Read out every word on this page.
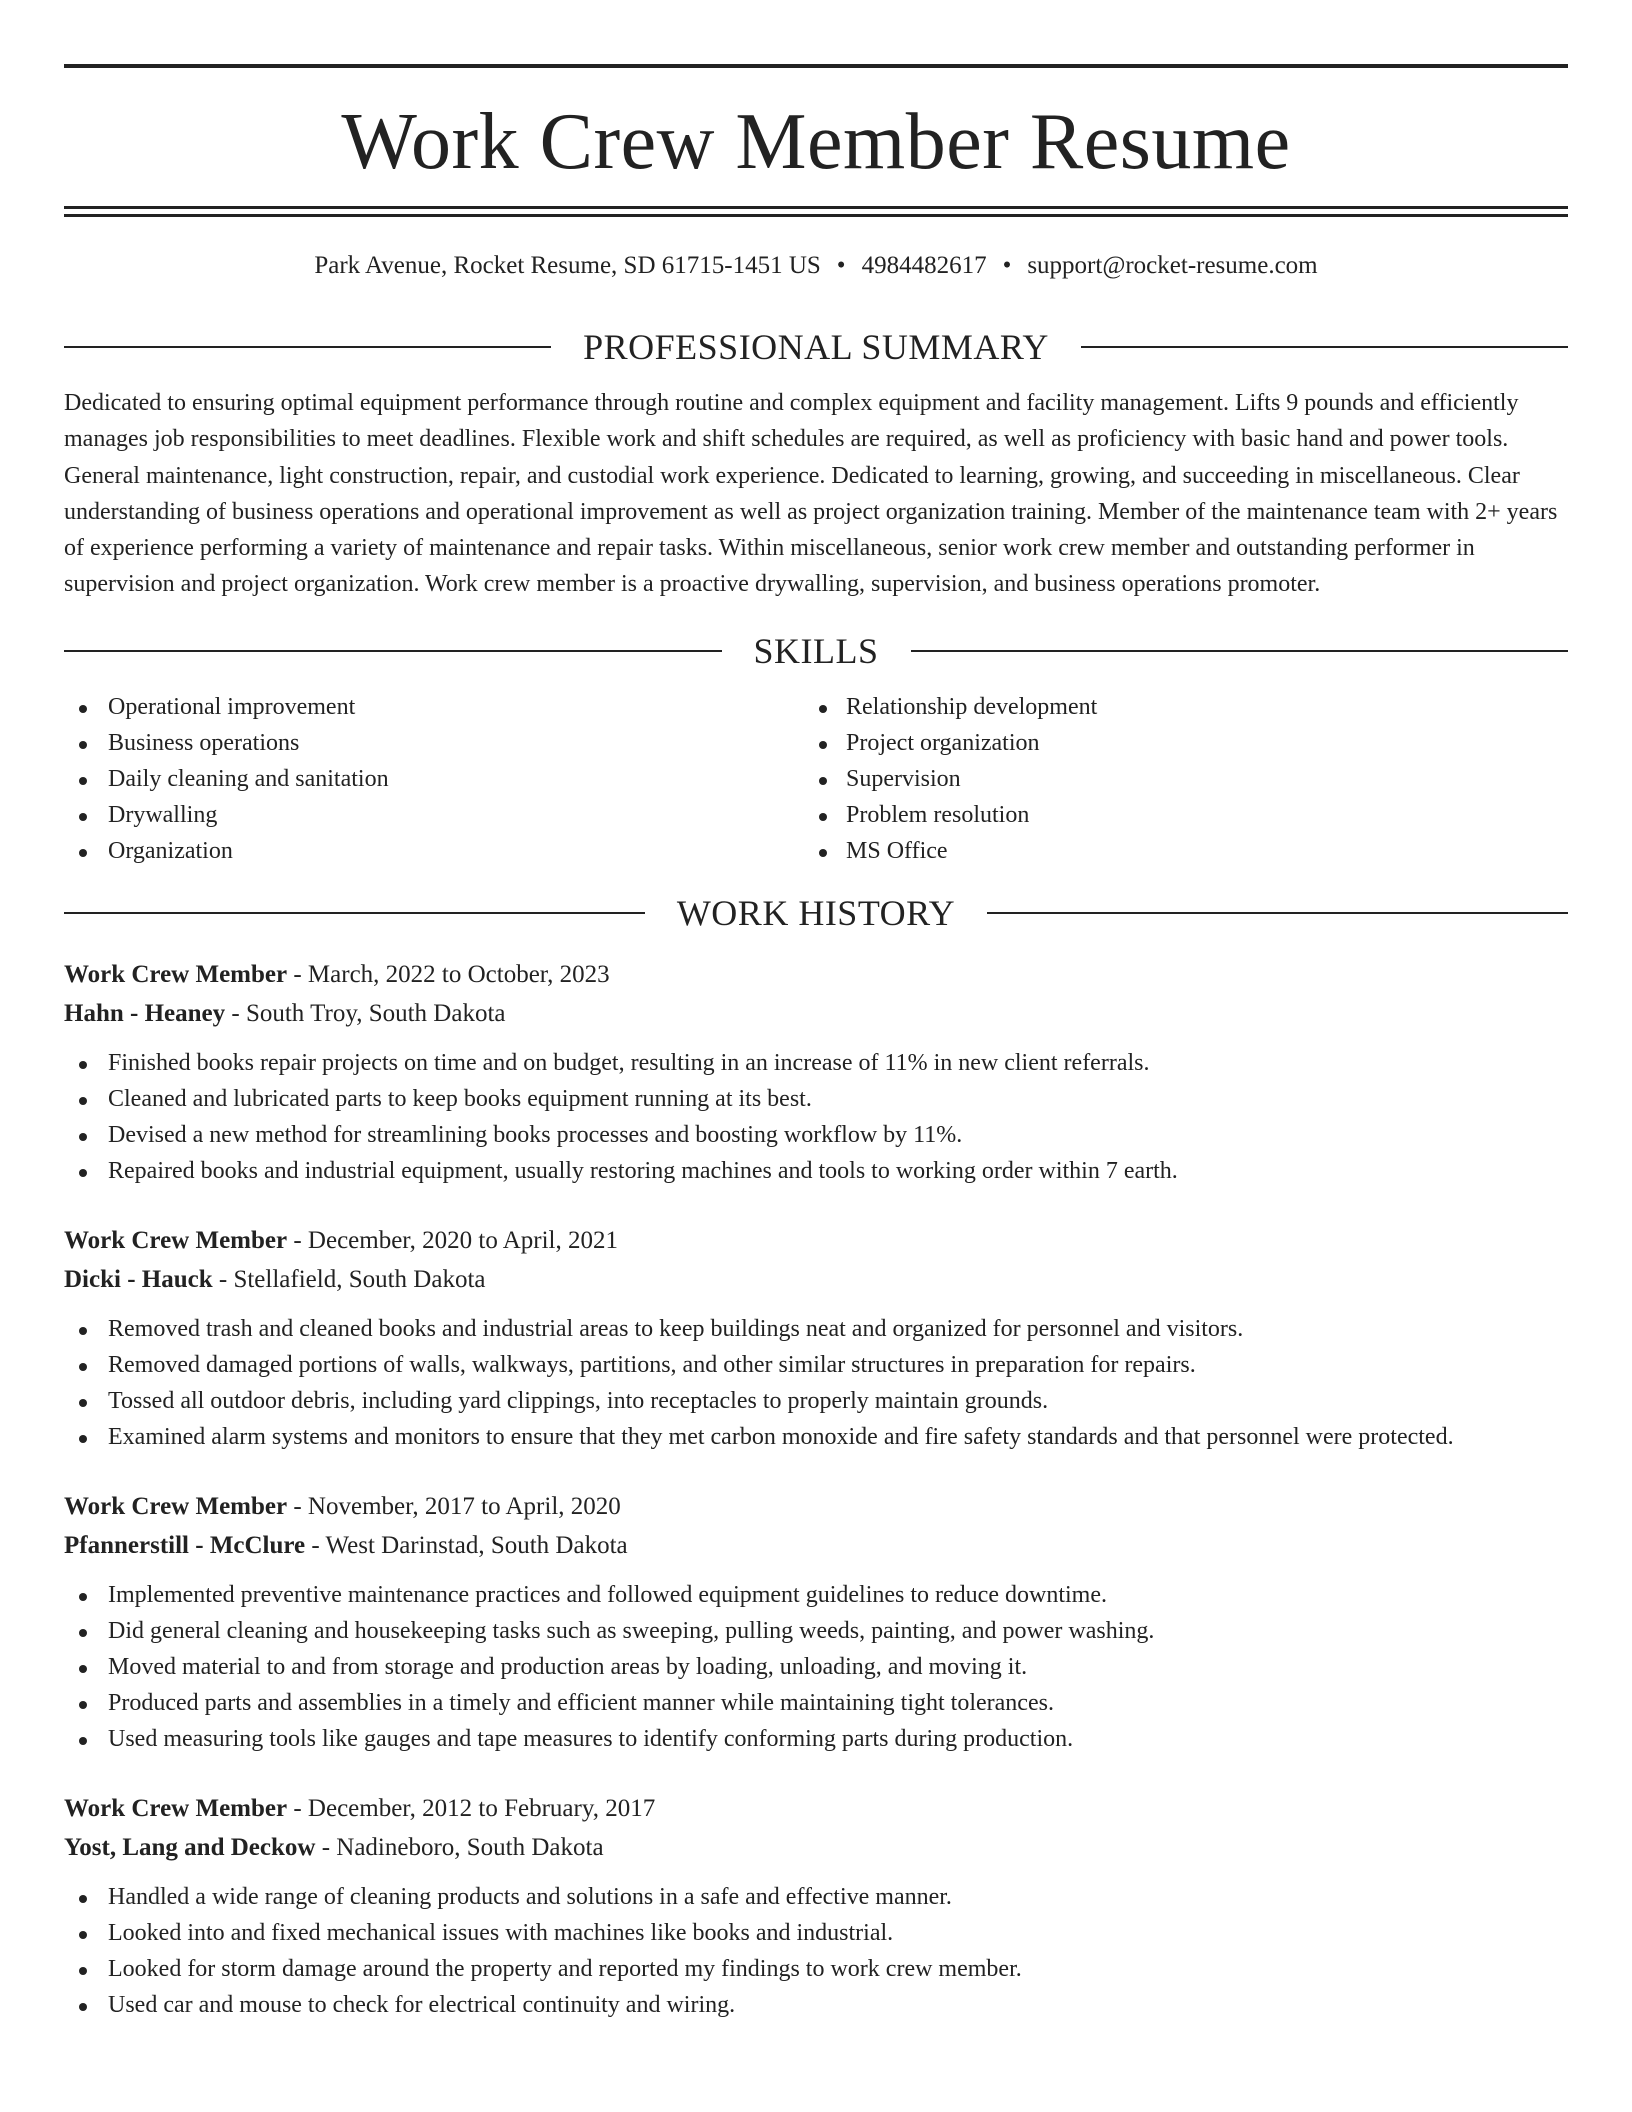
Work Crew Member Resume
Park Avenue, Rocket Resume, SD 61715-1451 US • 4984482617 • support@rocket-resume.com
PROFESSIONAL SUMMARY

Dedicated to ensuring optimal equipment performance through routine and complex equipment and facility management. Lifts 9 pounds and efficiently manages job responsibilities to meet deadlines. Flexible work and shift schedules are required, as well as proficiency with basic hand and power tools. General maintenance, light construction, repair, and custodial work experience. Dedicated to learning, growing, and succeeding in miscellaneous. Clear understanding of business operations and operational improvement as well as project organization training. Member of the maintenance team with 2+ years of experience performing a variety of maintenance and repair tasks. Within miscellaneous, senior work crew member and outstanding performer in supervision and project organization. Work crew member is a proactive drywalling, supervision, and business operations promoter.

SKILLS
Operational improvement
Business operations
Daily cleaning and sanitation
Drywalling
Organization
Relationship development
Project organization
Supervision
Problem resolution
MS Office
WORK HISTORY
Work Crew Member - March, 2022 to October, 2023
Hahn - Heaney - South Troy, South Dakota
Finished books repair projects on time and on budget, resulting in an increase of 11% in new client referrals.
Cleaned and lubricated parts to keep books equipment running at its best.
Devised a new method for streamlining books processes and boosting workflow by 11%.
Repaired books and industrial equipment, usually restoring machines and tools to working order within 7 earth.
Work Crew Member - December, 2020 to April, 2021
Dicki - Hauck - Stellafield, South Dakota
Removed trash and cleaned books and industrial areas to keep buildings neat and organized for personnel and visitors.
Removed damaged portions of walls, walkways, partitions, and other similar structures in preparation for repairs.
Tossed all outdoor debris, including yard clippings, into receptacles to properly maintain grounds.
Examined alarm systems and monitors to ensure that they met carbon monoxide and fire safety standards and that personnel were protected.
Work Crew Member - November, 2017 to April, 2020
Pfannerstill - McClure - West Darinstad, South Dakota
Implemented preventive maintenance practices and followed equipment guidelines to reduce downtime.
Did general cleaning and housekeeping tasks such as sweeping, pulling weeds, painting, and power washing.
Moved material to and from storage and production areas by loading, unloading, and moving it.
Produced parts and assemblies in a timely and efficient manner while maintaining tight tolerances.
Used measuring tools like gauges and tape measures to identify conforming parts during production.
Work Crew Member - December, 2012 to February, 2017
Yost, Lang and Deckow - Nadineboro, South Dakota
Handled a wide range of cleaning products and solutions in a safe and effective manner.
Looked into and fixed mechanical issues with machines like books and industrial.
Looked for storm damage around the property and reported my findings to work crew member.
Used car and mouse to check for electrical continuity and wiring.
